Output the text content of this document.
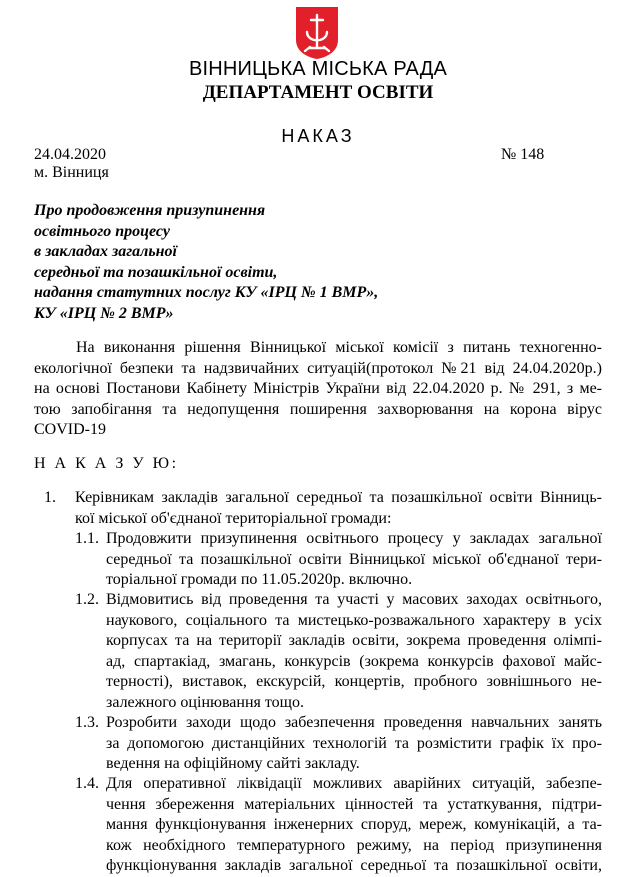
ВІННИЦЬКА МІСЬКА РАДА
ДЕПАРТАМЕНТ ОСВІТИ
НАКАЗ
24.04.2020	№ 148
м. Вінниця
Про продовження призупинення
освітнього процесу
в закладах загальної
середньої та позашкільної освіти,
надання статутних послуг КУ «ІРЦ № 1 ВМР»,
КУ «ІРЦ № 2 ВМР»
На виконання рішення Вінницької міської комісії з питань техногенно-
екологічної безпеки та надзвичайних ситуацій(протокол №21 від 24.04.2020р.)
на основі Постанови Кабінету Міністрів України від 22.04.2020 р. № 291, з ме-
тою запобігання та недопущення поширення захворювання на корона вірус
COVID-19
Н А К А З У Ю:
1. Керівникам закладів загальної середньої та позашкільної освіти Вінниць-
кої міської об'єднаної територіальної громади:
1.1. Продовжити призупинення освітнього процесу у закладах загальної
середньої та позашкільної освіти Вінницької міської об'єднаної тери-
торіальної громади по 11.05.2020р. включно.
1.2. Відмовитись від проведення та участі у масових заходах освітнього,
наукового, соціального та мистецько-розважального характеру в усіх
корпусах та на території закладів освіти, зокрема проведення олімпі-
ад, спартакіад, змагань, конкурсів (зокрема конкурсів фахової майс-
терності), виставок, екскурсій, концертів, пробного зовнішнього не-
залежного оцінювання тощо.
1.3. Розробити заходи щодо забезпечення проведення навчальних занять
за допомогою дистанційних технологій та розмістити графік їх про-
ведення на офіційному сайті закладу.
1.4. Для оперативної ліквідації можливих аварійних ситуацій, забезпе-
чення збереження матеріальних цінностей та устаткування, підтри-
мання функціонування інженерних споруд, мереж, комунікацій, а та-
кож необхідного температурного режиму, на період призупинення
функціонування закладів загальної середньої та позашкільної освіти,
